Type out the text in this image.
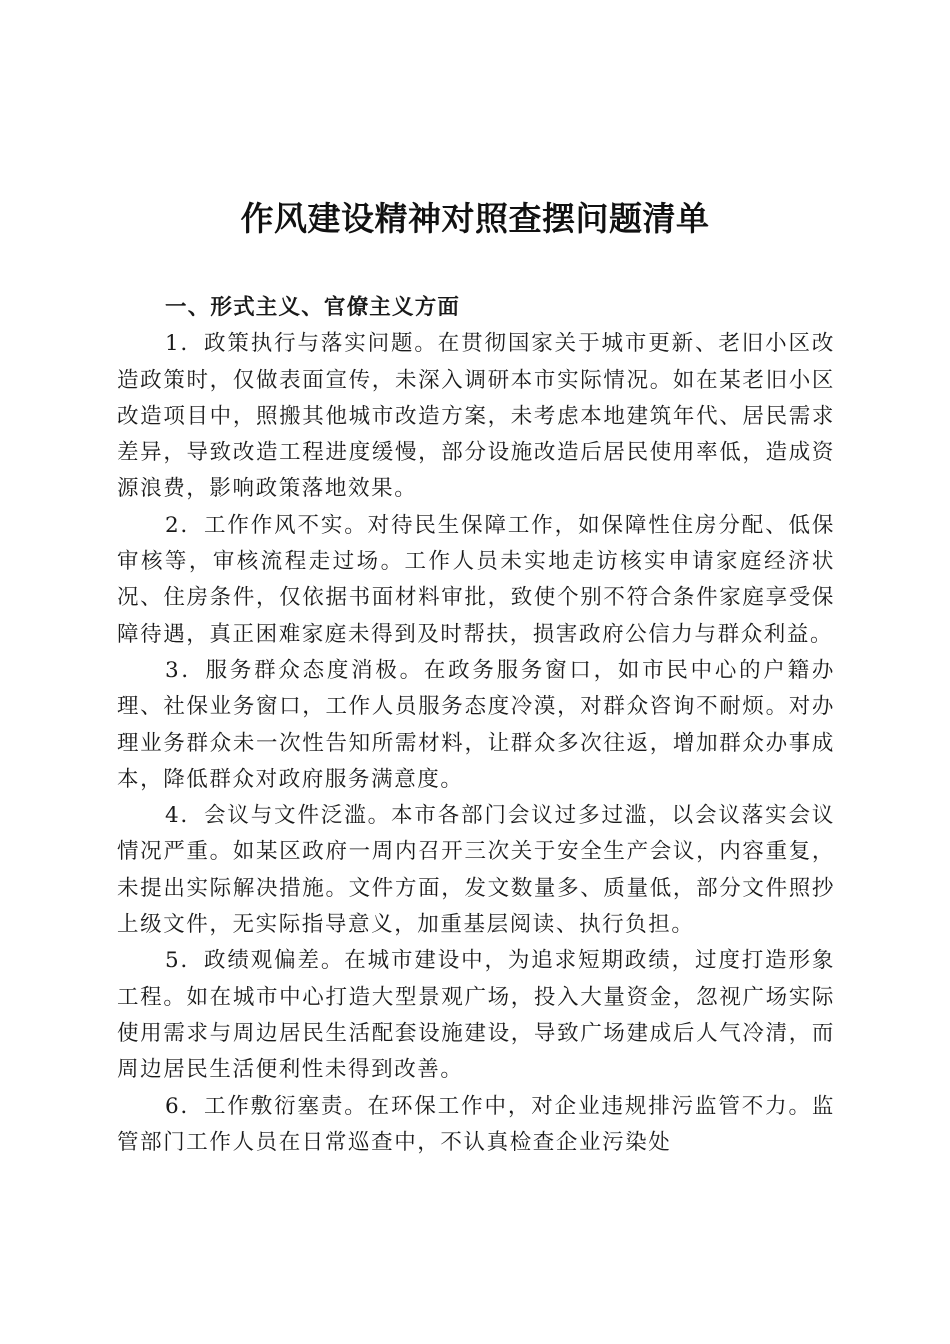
作风建设精神对照查摆问题清单

一、形式主义、官僚主义方面

1．政策执行与落实问题。在贯彻国家关于城市更新、老旧小区改造政策时，仅做表面宣传，未深入调研本市实际情况。如在某老旧小区改造项目中，照搬其他城市改造方案，未考虑本地建筑年代、居民需求差异，导致改造工程进度缓慢，部分设施改造后居民使用率低，造成资源浪费，影响政策落地效果。

2．工作作风不实。对待民生保障工作，如保障性住房分配、低保审核等，审核流程走过场。工作人员未实地走访核实申请家庭经济状况、住房条件，仅依据书面材料审批，致使个别不符合条件家庭享受保障待遇，真正困难家庭未得到及时帮扶，损害政府公信力与群众利益。

3．服务群众态度消极。在政务服务窗口，如市民中心的户籍办理、社保业务窗口，工作人员服务态度冷漠，对群众咨询不耐烦。对办理业务群众未一次性告知所需材料，让群众多次往返，增加群众办事成本，降低群众对政府服务满意度。

4．会议与文件泛滥。本市各部门会议过多过滥，以会议落实会议情况严重。如某区政府一周内召开三次关于安全生产会议，内容重复，未提出实际解决措施。文件方面，发文数量多、质量低，部分文件照抄上级文件，无实际指导意义，加重基层阅读、执行负担。

5．政绩观偏差。在城市建设中，为追求短期政绩，过度打造形象工程。如在城市中心打造大型景观广场，投入大量资金，忽视广场实际使用需求与周边居民生活配套设施建设，导致广场建成后人气冷清，而周边居民生活便利性未得到改善。

6．工作敷衍塞责。在环保工作中，对企业违规排污监管不力。监管部门工作人员在日常巡查中，不认真检查企业污染处
